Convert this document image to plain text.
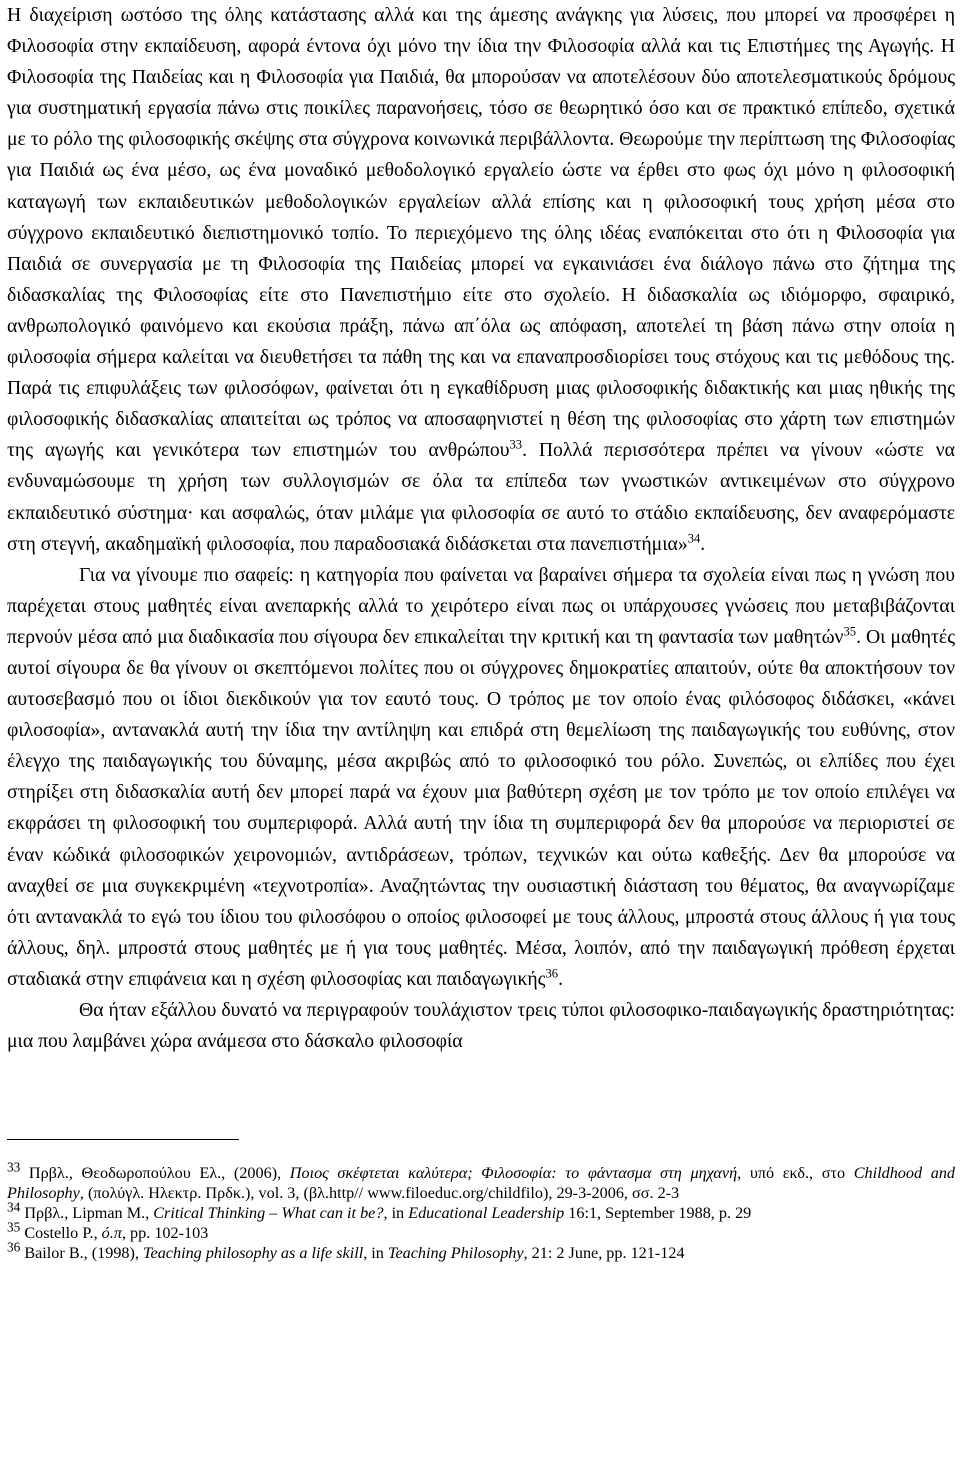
Η διαχείριση ωστόσο της όλης κατάστασης αλλά και της άμεσης ανάγκης για λύσεις, που μπορεί να προσφέρει η Φιλοσοφία στην εκπαίδευση, αφορά έντονα όχι μόνο την ίδια την Φιλοσοφία αλλά και τις Επιστήμες της Αγωγής. Η Φιλοσοφία της Παιδείας και η Φιλοσοφία για Παιδιά, θα μπορούσαν να αποτελέσουν δύο αποτελεσματικούς δρόμους για συστηματική εργασία πάνω στις ποικίλες παρανοήσεις, τόσο σε θεωρητικό όσο και σε πρακτικό επίπεδο, σχετικά με το ρόλο της φιλοσοφικής σκέψης στα σύγχρονα κοινωνικά περιβάλλοντα. Θεωρούμε την περίπτωση της Φιλοσοφίας για Παιδιά ως ένα μέσο, ως ένα μοναδικό μεθοδολογικό εργαλείο ώστε να έρθει στο φως όχι μόνο η φιλοσοφική καταγωγή των εκπαιδευτικών μεθοδολογικών εργαλείων αλλά επίσης και η φιλοσοφική τους χρήση μέσα στο σύγχρονο εκπαιδευτικό διεπιστημονικό τοπίο. Το περιεχόμενο της όλης ιδέας εναπόκειται στο ότι η Φιλοσοφία για Παιδιά σε συνεργασία με τη Φιλοσοφία της Παιδείας μπορεί να εγκαινιάσει ένα διάλογο πάνω στο ζήτημα της διδασκαλίας της Φιλοσοφίας είτε στο Πανεπιστήμιο είτε στο σχολείο. Η διδασκαλία ως ιδιόμορφο, σφαιρικό, ανθρωπολογικό φαινόμενο και εκούσια πράξη, πάνω απ΄όλα ως απόφαση, αποτελεί τη βάση πάνω στην οποία η φιλοσοφία σήμερα καλείται να διευθετήσει τα πάθη της και να επαναπροσδιορίσει τους στόχους και τις μεθόδους της. Παρά τις επιφυλάξεις των φιλοσόφων, φαίνεται ότι η εγκαθίδρυση μιας φιλοσοφικής διδακτικής και μιας ηθικής της φιλοσοφικής διδασκαλίας απαιτείται ως τρόπος να αποσαφηνιστεί η θέση της φιλοσοφίας στο χάρτη των επιστημών της αγωγής και γενικότερα των επιστημών του ανθρώπου$^{33}$. Πολλά περισσότερα πρέπει να γίνουν «ώστε να ενδυναμώσουμε τη χρήση των συλλογισμών σε όλα τα επίπεδα των γνωστικών αντικειμένων στο σύγχρονο εκπαιδευτικό σύστημα· και ασφαλώς, όταν μιλάμε για φιλοσοφία σε αυτό το στάδιο εκπαίδευσης, δεν αναφερόμαστε στη στεγνή, ακαδημαϊκή φιλοσοφία, που παραδοσιακά διδάσκεται στα πανεπιστήμια»$^{34}$.

Για να γίνουμε πιο σαφείς: η κατηγορία που φαίνεται να βαραίνει σήμερα τα σχολεία είναι πως η γνώση που παρέχεται στους μαθητές είναι ανεπαρκής αλλά το χειρότερο είναι πως οι υπάρχουσες γνώσεις που μεταβιβάζονται περνούν μέσα από μια διαδικασία που σίγουρα δεν επικαλείται την κριτική και τη φαντασία των μαθητών$^{35}$. Οι μαθητές αυτοί σίγουρα δε θα γίνουν οι σκεπτόμενοι πολίτες που οι σύγχρονες δημοκρατίες απαιτούν, ούτε θα αποκτήσουν τον αυτοσεβασμό που οι ίδιοι διεκδικούν για τον εαυτό τους. Ο τρόπος με τον οποίο ένας φιλόσοφος διδάσκει, «κάνει φιλοσοφία», αντανακλά αυτή την ίδια την αντίληψη και επιδρά στη θεμελίωση της παιδαγωγικής του ευθύνης, στον έλεγχο της παιδαγωγικής του δύναμης, μέσα ακριβώς από το φιλοσοφικό του ρόλο. Συνεπώς, οι ελπίδες που έχει στηρίξει στη διδασκαλία αυτή δεν μπορεί παρά να έχουν μια βαθύτερη σχέση με τον τρόπο με τον οποίο επιλέγει να εκφράσει τη φιλοσοφική του συμπεριφορά. Αλλά αυτή την ίδια τη συμπεριφορά δεν θα μπορούσε να περιοριστεί σε έναν κώδικά φιλοσοφικών χειρονομιών, αντιδράσεων, τρόπων, τεχνικών και ούτω καθεξής. Δεν θα μπορούσε να αναχθεί σε μια συγκεκριμένη «τεχνοτροπία». Αναζητώντας την ουσιαστική διάσταση του θέματος, θα αναγνωρίζαμε ότι αντανακλά το εγώ του ίδιου του φιλοσόφου ο οποίος φιλοσοφεί με τους άλλους, μπροστά στους άλλους ή για τους άλλους, δηλ. μπροστά στους μαθητές με ή για τους μαθητές. Μέσα, λοιπόν, από την παιδαγωγική πρόθεση έρχεται σταδιακά στην επιφάνεια και η σχέση φιλοσοφίας και παιδαγωγικής$^{36}$.

Θα ήταν εξάλλου δυνατό να περιγραφούν τουλάχιστον τρεις τύποι φιλοσοφικο-παιδαγωγικής δραστηριότητας: μια που λαμβάνει χώρα ανάμεσα στο δάσκαλο φιλοσοφία

$^{33}$ Πρβλ., Θεοδωροπούλου Ελ., (2006), Ποιος σκέφτεται καλύτερα; Φιλοσοφία: το φάντασμα στη μηχανή, υπό εκδ., στο Childhood and Philosophy, (πολύγλ. Ηλεκτρ. Πρδκ.), vol. 3, (βλ.http// www.filoeduc.org/childfilo), 29-3-2006, σσ. 2-3

$^{34}$ Πρβλ., Lipman M., Critical Thinking – What can it be?, in Educational Leadership 16:1, September 1988, p. 29

$^{35}$ Costello P., ό.π, pp. 102-103

$^{36}$ Bailor B., (1998), Teaching philosophy as a life skill, in Teaching Philosophy, 21: 2 June, pp. 121-124
